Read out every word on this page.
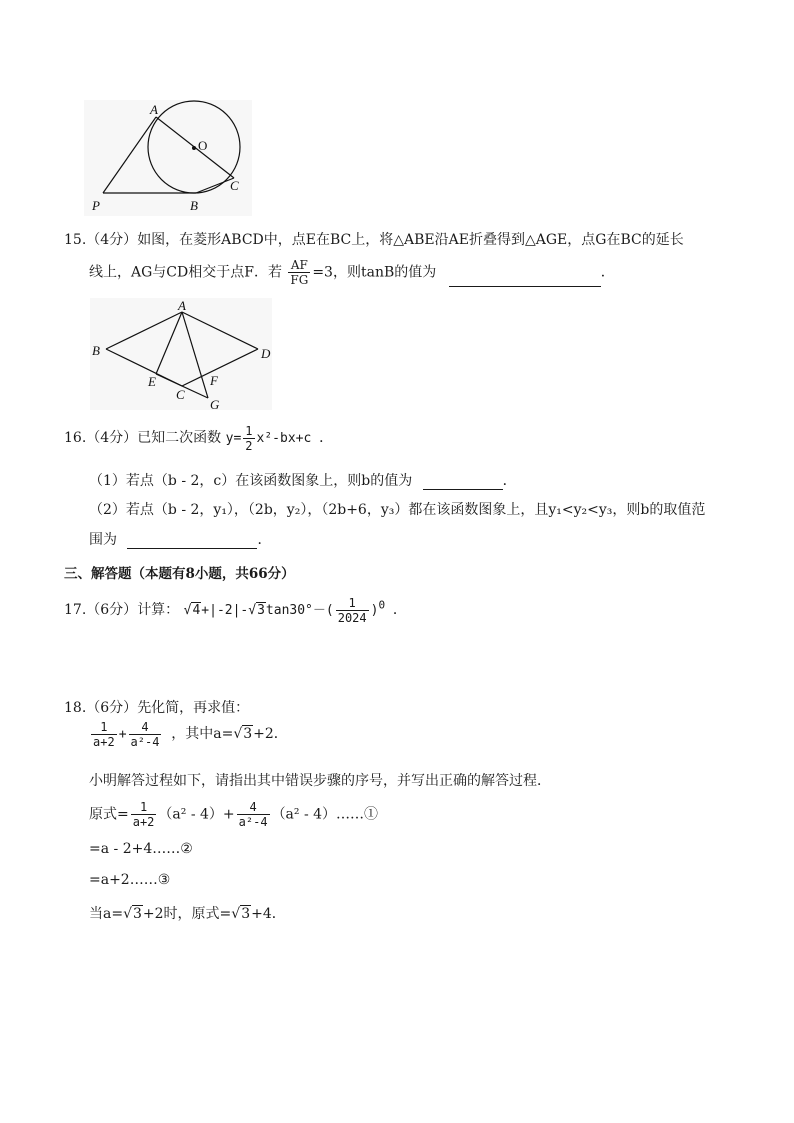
A
O
C
P	B
15.（4分）如图，在菱形ABCD中，点E在BC上，将△ABE沿AE折叠得到△AGE，点G在BC的延长
线上，AG与CD相交于点F．若 $\frac{AF}{FG} =3$，则tanB的值为	．
A
B	D
E
C
F
G
16.（4分）已知二次函数 $y= \frac{1}{2} x^2-bx+c$ ．
（1）若点（b - 2，c）在该函数图象上，则b的值为	．
（2）若点（b - 2，y₁），（2b，y₂），（2b+6，y₃）都在该函数图象上，且y₁<y₂<y₃，则b的取值范
围为	．
三、解答题（本题有8小题，共66分）
17.（6分）计算： $√4+|-2|-√3\tan 30^\circ-( \frac{1}{2024} )^0$ ．
18.（6分）先化简，再求值：
$\frac{1}{a+2} + \frac{4}{\text{a²-4}}$ ，其中a=√3+2．
小明解答过程如下，请指出其中错误步骤的序号，并写出正确的解答过程．
原式= $\frac{1}{a+2} (a^2 - 4)+ \frac{4}{\text{a²-4}} (a^2$ - 4）……①
=a - 2+4……②
=a+2……③
当a=√3+2时，原式=√3+4．
